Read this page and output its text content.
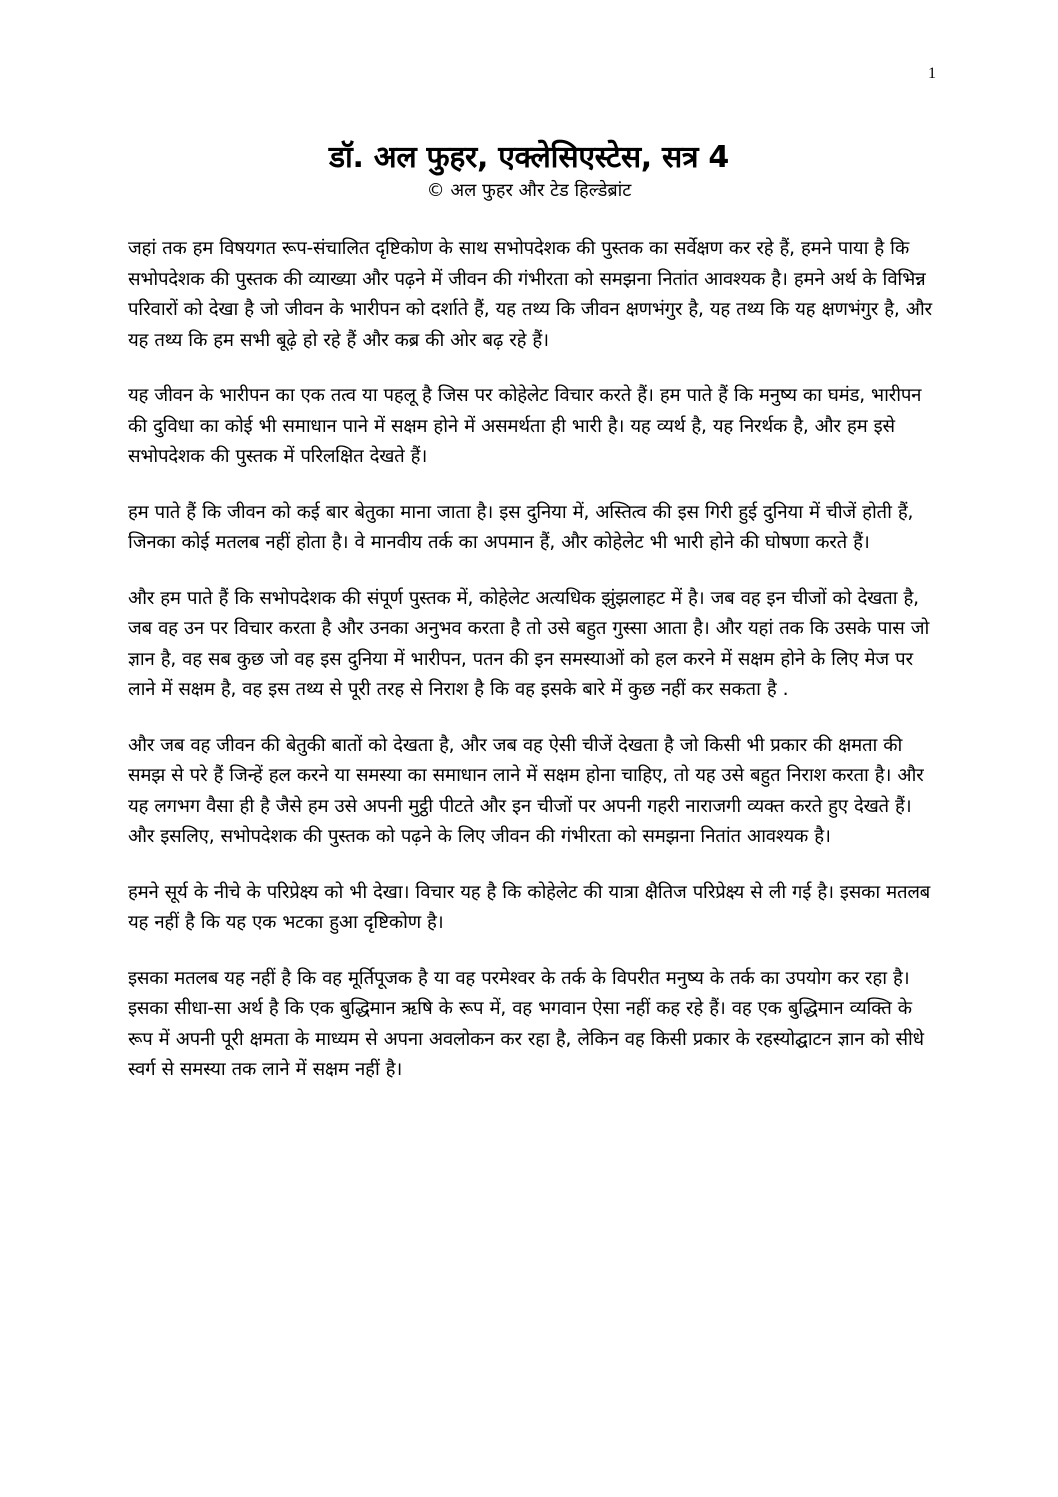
1
डॉ. अल फुहर, एक्लेसिएस्टेस, सत्र 4
© अल फुहर और टेड हिल्डेब्रांट

जहां तक हम विषयगत रूप-संचालित दृष्टिकोण के साथ सभोपदेशक की पुस्तक का सर्वेक्षण कर रहे हैं, हमने पाया है कि सभोपदेशक की पुस्तक की व्याख्या और पढ़ने में जीवन की गंभीरता को समझना नितांत आवश्यक है। हमने अर्थ के विभिन्न परिवारों को देखा है जो जीवन के भारीपन को दर्शाते हैं, यह तथ्य कि जीवन क्षणभंगुर है, यह तथ्य कि यह क्षणभंगुर है, और यह तथ्य कि हम सभी बूढ़े हो रहे हैं और कब्र की ओर बढ़ रहे हैं।

यह जीवन के भारीपन का एक तत्व या पहलू है जिस पर कोहेलेट विचार करते हैं। हम पाते हैं कि मनुष्य का घमंड, भारीपन की दुविधा का कोई भी समाधान पाने में सक्षम होने में असमर्थता ही भारी है। यह व्यर्थ है, यह निरर्थक है, और हम इसे सभोपदेशक की पुस्तक में परिलक्षित देखते हैं।

हम पाते हैं कि जीवन को कई बार बेतुका माना जाता है। इस दुनिया में, अस्तित्व की इस गिरी हुई दुनिया में चीजें होती हैं, जिनका कोई मतलब नहीं होता है। वे मानवीय तर्क का अपमान हैं, और कोहेलेट भी भारी होने की घोषणा करते हैं।

और हम पाते हैं कि सभोपदेशक की संपूर्ण पुस्तक में, कोहेलेट अत्यधिक झुंझलाहट में है। जब वह इन चीजों को देखता है, जब वह उन पर विचार करता है और उनका अनुभव करता है तो उसे बहुत गुस्सा आता है। और यहां तक कि उसके पास जो ज्ञान है, वह सब कुछ जो वह इस दुनिया में भारीपन, पतन की इन समस्याओं को हल करने में सक्षम होने के लिए मेज पर लाने में सक्षम है, वह इस तथ्य से पूरी तरह से निराश है कि वह इसके बारे में कुछ नहीं कर सकता है .

और जब वह जीवन की बेतुकी बातों को देखता है, और जब वह ऐसी चीजें देखता है जो किसी भी प्रकार की क्षमता की समझ से परे हैं जिन्हें हल करने या समस्या का समाधान लाने में सक्षम होना चाहिए, तो यह उसे बहुत निराश करता है। और यह लगभग वैसा ही है जैसे हम उसे अपनी मुट्ठी पीटते और इन चीजों पर अपनी गहरी नाराजगी व्यक्त करते हुए देखते हैं। और इसलिए, सभोपदेशक की पुस्तक को पढ़ने के लिए जीवन की गंभीरता को समझना नितांत आवश्यक है।

हमने सूर्य के नीचे के परिप्रेक्ष्य को भी देखा। विचार यह है कि कोहेलेट की यात्रा क्षैतिज परिप्रेक्ष्य से ली गई है। इसका मतलब यह नहीं है कि यह एक भटका हुआ दृष्टिकोण है।

इसका मतलब यह नहीं है कि वह मूर्तिपूजक है या वह परमेश्वर के तर्क के विपरीत मनुष्य के तर्क का उपयोग कर रहा है। इसका सीधा-सा अर्थ है कि एक बुद्धिमान ऋषि के रूप में, वह भगवान ऐसा नहीं कह रहे हैं। वह एक बुद्धिमान व्यक्ति के रूप में अपनी पूरी क्षमता के माध्यम से अपना अवलोकन कर रहा है, लेकिन वह किसी प्रकार के रहस्योद्घाटन ज्ञान को सीधे स्वर्ग से समस्या तक लाने में सक्षम नहीं है।
